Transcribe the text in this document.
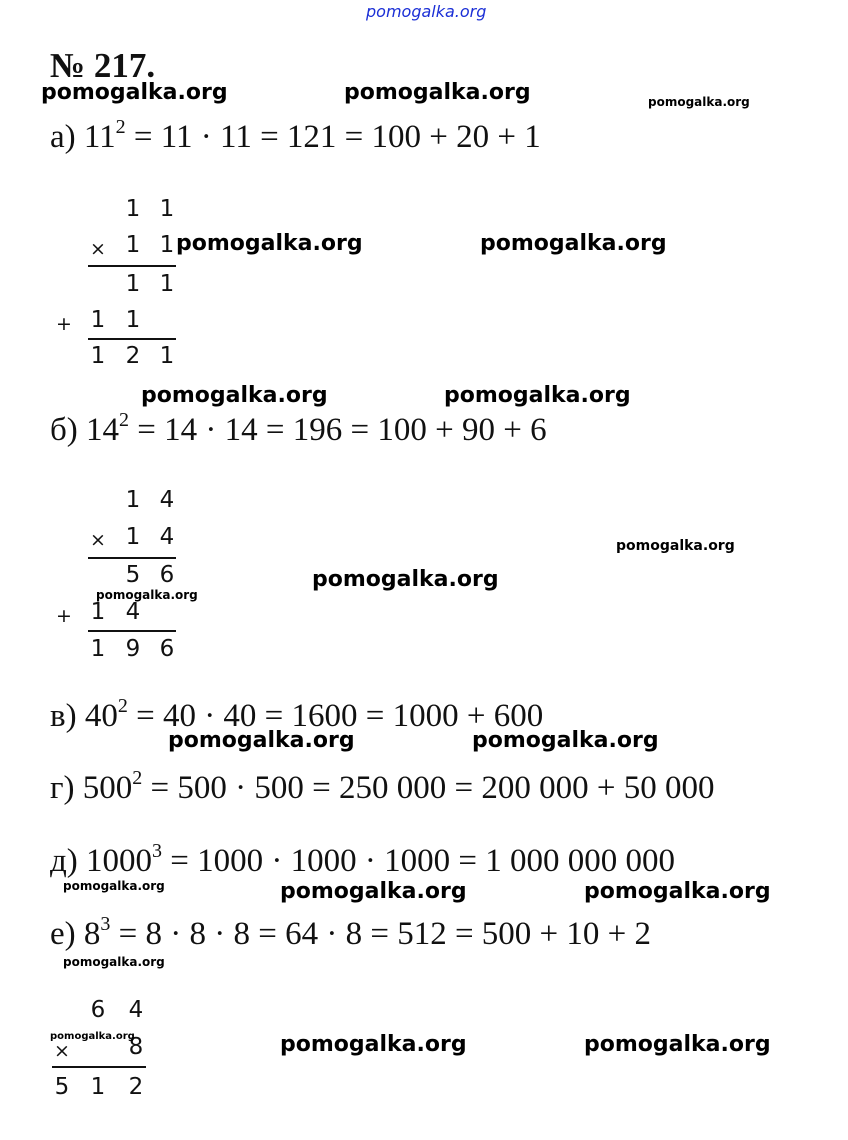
pomogalka.org
№ 217.
pomogalka.org	pomogalka.org	pomogalka.org
а) $11^2 = 11 \cdot 11 = 121 = 100 + 20 + 1$
1 1
× 1 1
1 1
+ 1 1
1 2 1
pomogalka.org	pomogalka.org
pomogalka.org	pomogalka.org
б) $14^2 = 14 \cdot 14 = 196 = 100 + 90 + 6$
1 4
× 1 4
5 6
+ 1 4
1 9 6
pomogalka.org
pomogalka.org
pomogalka.org
в) $40^2 = 40 \cdot 40 = 1600 = 1000 + 600$
pomogalka.org	pomogalka.org
г) $500^2 = 500 \cdot 500 = 250$ 000 = 200 000 + 50 000
д) $1000^3 = 1000 \cdot 1000 \cdot 1000 = 1$ 000 000 000
pomogalka.org	pomogalka.org	pomogalka.org
е) $8^3 = 8 \cdot 8 \cdot 8 = 64 \cdot 8 = 512 = 500 + 10 + 2$
pomogalka.org
6 4
×	8
5 1 2
pomogalka.org	pomogalka.org	pomogalka.org
